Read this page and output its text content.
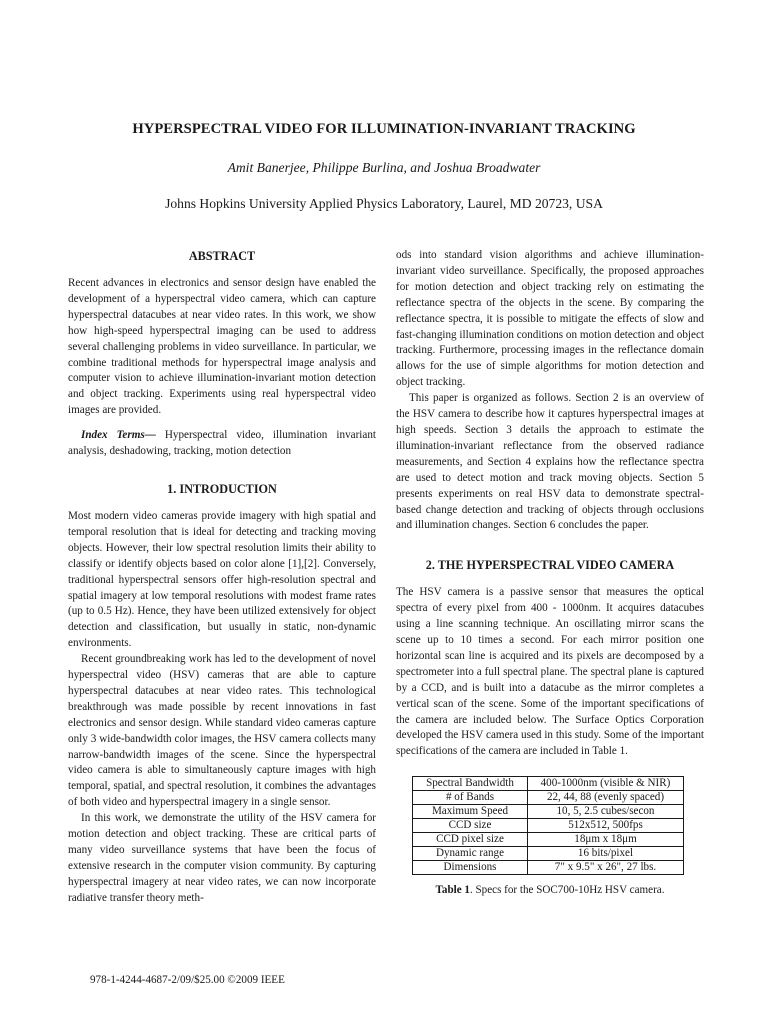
HYPERSPECTRAL VIDEO FOR ILLUMINATION-INVARIANT TRACKING
Amit Banerjee, Philippe Burlina, and Joshua Broadwater
Johns Hopkins University Applied Physics Laboratory, Laurel, MD 20723, USA
ABSTRACT

Recent advances in electronics and sensor design have enabled the development of a hyperspectral video camera, which can capture hyperspectral datacubes at near video rates. In this work, we show how high-speed hyperspectral imaging can be used to address several challenging problems in video surveillance. In particular, we combine traditional methods for hyperspectral image analysis and computer vision to achieve illumination-invariant motion detection and object tracking. Experiments using real hyperspectral video images are provided.

Index Terms— Hyperspectral video, illumination invariant analysis, deshadowing, tracking, motion detection

1. INTRODUCTION

Most modern video cameras provide imagery with high spatial and temporal resolution that is ideal for detecting and tracking moving objects. However, their low spectral resolution limits their ability to classify or identify objects based on color alone [1],[2]. Conversely, traditional hyperspectral sensors offer high-resolution spectral and spatial imagery at low temporal resolutions with modest frame rates (up to 0.5 Hz). Hence, they have been utilized extensively for object detection and classification, but usually in static, non-dynamic environments.

Recent groundbreaking work has led to the development of novel hyperspectral video (HSV) cameras that are able to capture hyperspectral datacubes at near video rates. This technological breakthrough was made possible by recent innovations in fast electronics and sensor design. While standard video cameras capture only 3 wide-bandwidth color images, the HSV camera collects many narrow-bandwidth images of the scene. Since the hyperspectral video camera is able to simultaneously capture images with high temporal, spatial, and spectral resolution, it combines the advantages of both video and hyperspectral imagery in a single sensor.

In this work, we demonstrate the utility of the HSV camera for motion detection and object tracking. These are critical parts of many video surveillance systems that have been the focus of extensive research in the computer vision community. By capturing hyperspectral imagery at near video rates, we can now incorporate radiative transfer theory meth-

ods into standard vision algorithms and achieve illumination-invariant video surveillance. Specifically, the proposed approaches for motion detection and object tracking rely on estimating the reflectance spectra of the objects in the scene. By comparing the reflectance spectra, it is possible to mitigate the effects of slow and fast-changing illumination conditions on motion detection and object tracking. Furthermore, processing images in the reflectance domain allows for the use of simple algorithms for motion detection and object tracking.

This paper is organized as follows. Section 2 is an overview of the HSV camera to describe how it captures hyperspectral images at high speeds. Section 3 details the approach to estimate the illumination-invariant reflectance from the observed radiance measurements, and Section 4 explains how the reflectance spectra are used to detect motion and track moving objects. Section 5 presents experiments on real HSV data to demonstrate spectral-based change detection and tracking of objects through occlusions and illumination changes. Section 6 concludes the paper.

2. THE HYPERSPECTRAL VIDEO CAMERA

The HSV camera is a passive sensor that measures the optical spectra of every pixel from 400 - 1000nm. It acquires datacubes using a line scanning technique. An oscillating mirror scans the scene up to 10 times a second. For each mirror position one horizontal scan line is acquired and its pixels are decomposed by a spectrometer into a full spectral plane. The spectral plane is captured by a CCD, and is built into a datacube as the mirror completes a vertical scan of the scene. Some of the important specifications of the camera are included below. The Surface Optics Corporation developed the HSV camera used in this study. Some of the important specifications of the camera are included in Table 1.

Spectral Bandwidth	400-1000nm (visible & NIR)
# of Bands	22, 44, 88 (evenly spaced)
Maximum Speed	10, 5, 2.5 cubes/secon
CCD size	512x512, 500fps
CCD pixel size	18μm x 18μm
Dynamic range	16 bits/pixel
Dimensions	7" x 9.5" x 26", 27 lbs.
Table 1. Specs for the SOC700-10Hz HSV camera.
978-1-4244-4687-2/09/$25.00 ©2009 IEEE
